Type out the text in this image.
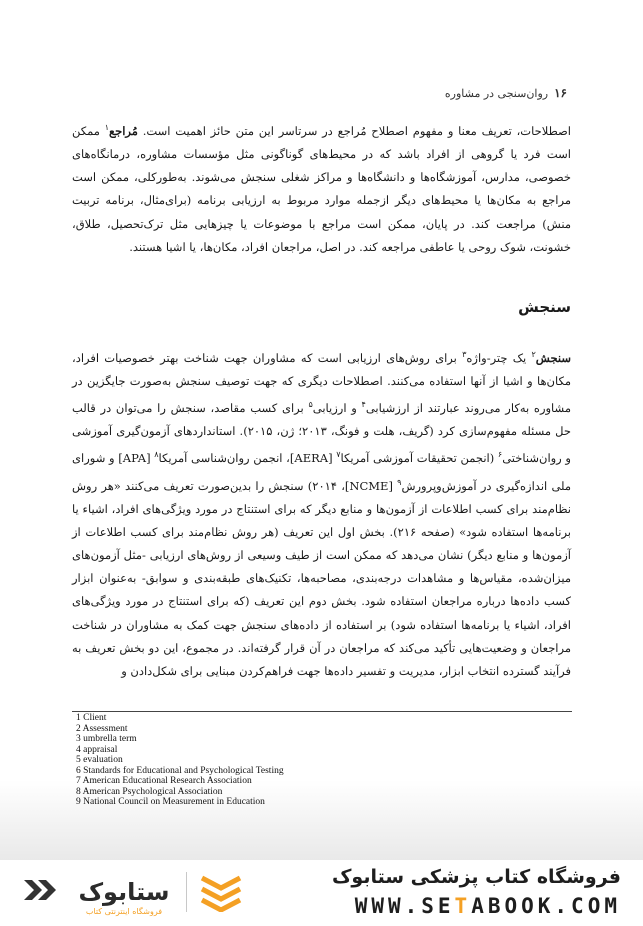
۱۶
روان‌سنجی در مشاوره
اصطلاحات، تعریف معنا و مفهوم اصطلاح مُراجع در سرتاسر این متن حائز اهمیت است. مُراجع$^۱$ ممکن است فرد یا گروهی از افراد باشد که در محیط‌های گوناگونی مثل مؤسسات مشاوره، درمانگاه‌های خصوصی، مدارس، آموزشگاه‌ها و دانشگاه‌ها و مراکز شغلی سنجش می‌شوند. به‌طورکلی، ممکن است مراجع به مکان‌ها یا محیط‌های دیگر ازجمله موارد مربوط به ارزیابی برنامه (برای‌مثال، برنامه تربیت منش) مراجعت کند. در پایان، ممکن است مراجع با موضوعات یا چیزهایی مثل ترک‌تحصیل، طلاق، خشونت، شوک روحی یا عاطفی مراجعه کند. در اصل، مراجعان افراد، مکان‌ها، یا اشیا هستند.
سنجش
سنجش$^۲$ یک چتر-واژه$^۳$ برای روش‌های ارزیابی است که مشاوران جهت شناخت بهتر خصوصیات افراد، مکان‌ها و اشیا از آنها استفاده می‌کنند. اصطلاحات دیگری که جهت توصیف سنجش به‌صورت جایگزین در مشاوره به‌کار می‌روند عبارتند از ارزشیابی$^۴$ و ارزیابی$^۵$ برای کسب مقاصد، سنجش را می‌توان در قالب حل مسئله مفهوم‌سازی کرد (گریف، هلت و فونگ، ۲۰۱۳؛ ژن، ۲۰۱۵). استانداردهای آزمون‌گیری آموزشی و روان‌شناختی$^۶$ (انجمن تحقیقات آموزشی آمریکا$^۷$ [AERA]، انجمن روان‌شناسی آمریکا$^۸$ [APA] و شورای ملی اندازه‌گیری در آموزش‌وپرورش$^۹$ [NCME]، ۲۰۱۴) سنجش را بدین‌صورت تعریف می‌کنند «هر روش نظام‌مند برای کسب اطلاعات از آزمون‌ها و منابع دیگر که برای استنتاج در مورد ویژگی‌های افراد، اشیاء یا برنامه‌ها استفاده شود» (صفحه ۲۱۶). بخش اول این تعریف (هر روش نظام‌مند برای کسب اطلاعات از آزمون‌ها و منابع دیگر) نشان می‌دهد که ممکن است از طیف وسیعی از روش‌های ارزیابی -مثل آزمون‌های میزان‌شده، مقیاس‌ها و مشاهدات درجه‌بندی، مصاحبه‌ها، تکنیک‌های طبقه‌بندی و سوابق- به‌عنوان ابزار کسب داده‌ها درباره مراجعان استفاده شود. بخش دوم این تعریف (که برای استنتاج در مورد ویژگی‌های افراد، اشیاء یا برنامه‌ها استفاده شود) بر استفاده از داده‌های سنجش جهت کمک به مشاوران در شناخت مراجعان و وضعیت‌هایی تأکید می‌کند که مراجعان در آن قرار گرفته‌اند. در مجموع، این دو بخش تعریف به فرآیند گسترده انتخاب ابزار، مدیریت و تفسیر داده‌ها جهت فراهم‌کردن مبنایی برای شکل‌دادن و
1 Client
2 Assessment
3 umbrella term
4 appraisal
5 evaluation
6 Standards for Educational and Psychological Testing
7 American Educational Research Association
8 American Psychological Association
9 National Council on Measurement in Education
ستابوک
فروشگاه اینترنتی کتاب
فروشگاه کتاب پزشکی ستابوک
WWW.SETABOOK.COM
